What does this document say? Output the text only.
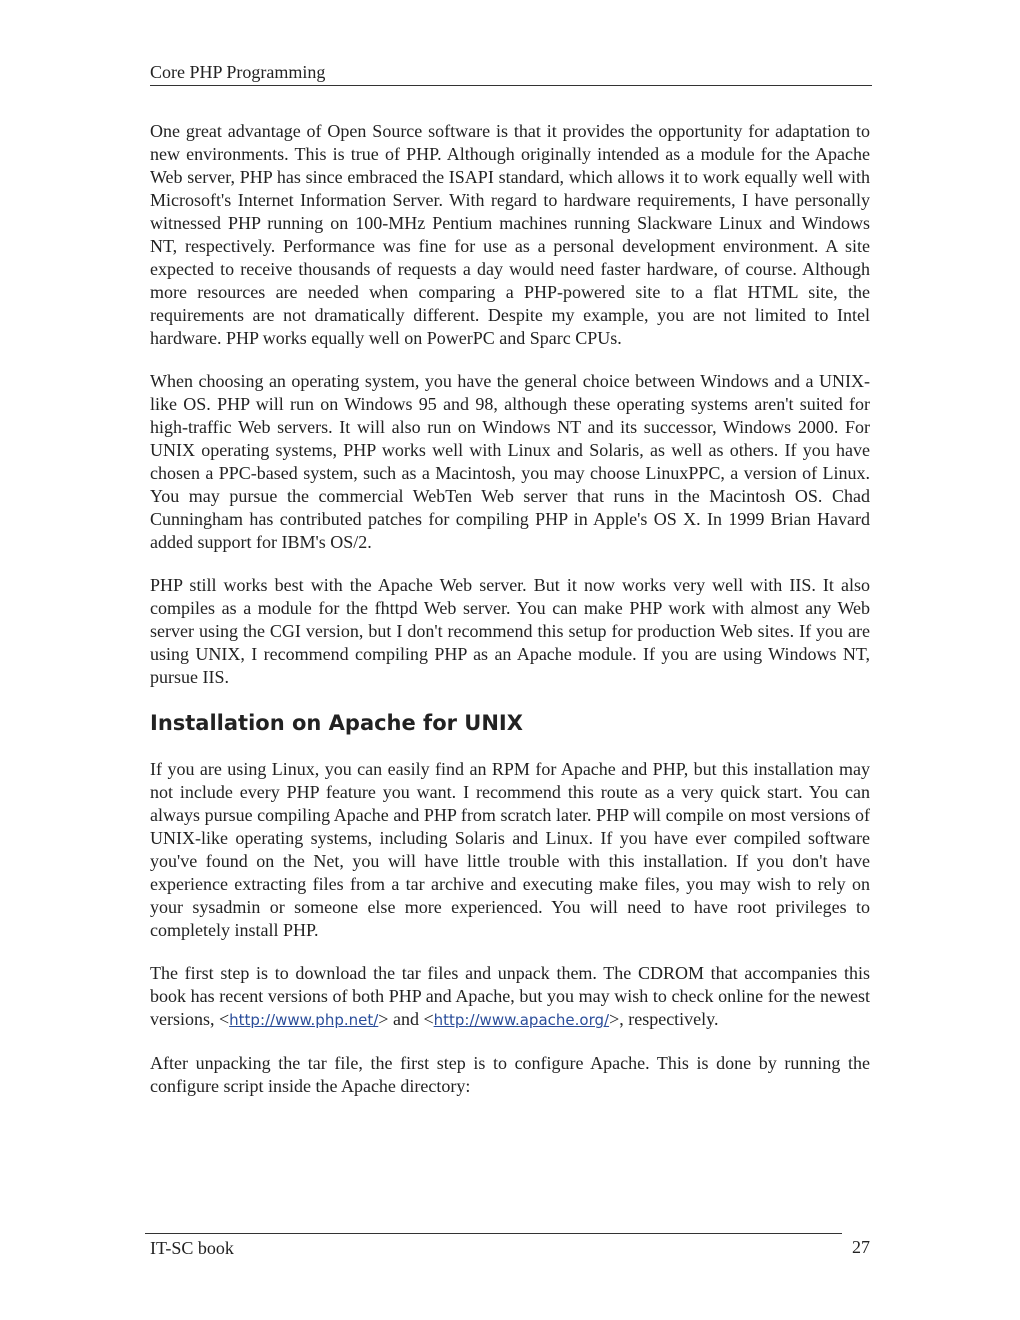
Core PHP Programming

One great advantage of Open Source software is that it provides the opportunity for adaptation to new environments. This is true of PHP. Although originally intended as a module for the Apache Web server, PHP has since embraced the ISAPI standard, which allows it to work equally well with Microsoft's Internet Information Server. With regard to hardware requirements, I have personally witnessed PHP running on 100-MHz Pentium machines running Slackware Linux and Windows NT, respectively. Performance was fine for use as a personal development environment. A site expected to receive thousands of requests a day would need faster hardware, of course. Although more resources are needed when comparing a PHP-powered site to a flat HTML site, the requirements are not dramatically different. Despite my example, you are not limited to Intel hardware. PHP works equally well on PowerPC and Sparc CPUs.

When choosing an operating system, you have the general choice between Windows and a UNIX-like OS. PHP will run on Windows 95 and 98, although these operating systems aren't suited for high-traffic Web servers. It will also run on Windows NT and its successor, Windows 2000. For UNIX operating systems, PHP works well with Linux and Solaris, as well as others. If you have chosen a PPC-based system, such as a Macintosh, you may choose LinuxPPC, a version of Linux. You may pursue the commercial WebTen Web server that runs in the Macintosh OS. Chad Cunningham has contributed patches for compiling PHP in Apple's OS X. In 1999 Brian Havard added support for IBM's OS/2.

PHP still works best with the Apache Web server. But it now works very well with IIS. It also compiles as a module for the fhttpd Web server. You can make PHP work with almost any Web server using the CGI version, but I don't recommend this setup for production Web sites. If you are using UNIX, I recommend compiling PHP as an Apache module. If you are using Windows NT, pursue IIS.

Installation on Apache for UNIX

If you are using Linux, you can easily find an RPM for Apache and PHP, but this installation may not include every PHP feature you want. I recommend this route as a very quick start. You can always pursue compiling Apache and PHP from scratch later. PHP will compile on most versions of UNIX-like operating systems, including Solaris and Linux. If you have ever compiled software you've found on the Net, you will have little trouble with this installation. If you don't have experience extracting files from a tar archive and executing make files, you may wish to rely on your sysadmin or someone else more experienced. You will need to have root privileges to completely install PHP.

The first step is to download the tar files and unpack them. The CDROM that accompanies this book has recent versions of both PHP and Apache, but you may wish to check online for the newest versions, <http://www.php.net/> and <http://www.apache.org/>, respectively.

After unpacking the tar file, the first step is to configure Apache. This is done by running the configure script inside the Apache directory:

IT-SC book	27
